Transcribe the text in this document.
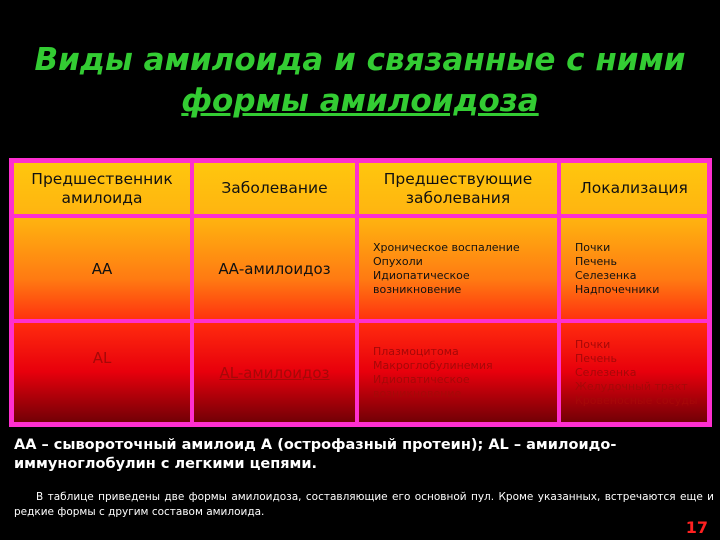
Виды амилоида и связанные с ними
формы амилоидоза
Предшественник амилоида
Заболевание
Предшествующие заболевания
Локализация
АА	АА-амилоидоз
Хроническое воспаление
Опухоли
Идиопатическое
возникновение
Почки
Печень
Селезенка
Надпочечники
AL
AL-амилоидоз
Плазмоцитома
Макроглобулинемия
Идиопатическое
возникновение
Почки
Печень
Селезенка
Желудочный тракт
Кровеносные сосуды
АА – сывороточный амилоид А (острофазный протеин); AL – амилоидо-иммуноглобулин с легкими цепями.
В таблице приведены две формы амилоидоза, составляющие его основной пул. Кроме указанных, встречаются еще и редкие формы с другим составом амилоида.
17
